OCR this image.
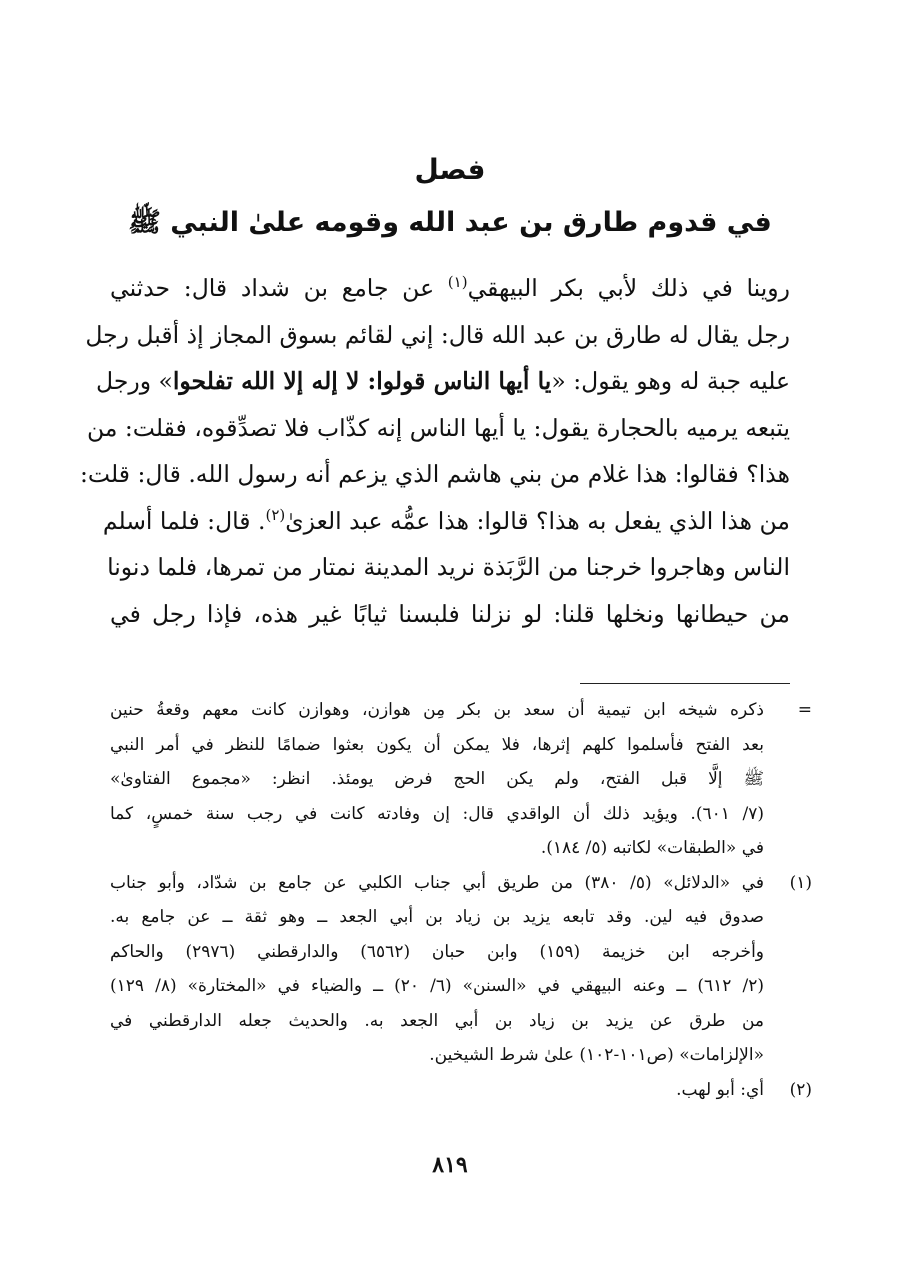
فصل
في قدوم طارق بن عبد الله وقومه علىٰ النبي ﷺ
روينا في ذلك لأبي بكر البيهقي$^{(١)}$ عن جامع بن شداد قال: حدثني
رجل يقال له طارق بن عبد الله قال: إني لقائم بسوق المجاز إذ أقبل رجل
عليه جبة له وهو يقول: «يا أيها الناس قولوا: لا إله إلا الله تفلحوا» ورجل
يتبعه يرميه بالحجارة يقول: يا أيها الناس إنه كذّاب فلا تصدِّقوه، فقلت: من
هذا؟ فقالوا: هذا غلام من بني هاشم الذي يزعم أنه رسول الله. قال: قلت:
من هذا الذي يفعل به هذا؟ قالوا: هذا عمُّه عبد العزىٰ$^{(٢)}$. قال: فلما أسلم
الناس وهاجروا خرجنا من الرَّبَذة نريد المدينة نمتار من تمرها، فلما دنونا
من حيطانها ونخلها قلنا: لو نزلنا فلبسنا ثيابًا غير هذه، فإذا رجل في
=
ذكره شيخه ابن تيمية أن سعد بن بكر مِن هوازن، وهوازن كانت معهم وقعةُ حنين
بعد الفتح فأسلموا كلهم إثرها، فلا يمكن أن يكون بعثوا ضمامًا للنظر في أمر النبي
ﷺ إلَّا قبل الفتح، ولم يكن الحج فرض يومئذ. انظر: «مجموع الفتاوىٰ»
(٧/ ٦٠١). ويؤيد ذلك أن الواقدي قال: إن وفادته كانت في رجب سنة خمسٍ، كما
في «الطبقات» لكاتبه (٥/ ١٨٤).
(١)
في «الدلائل» (٥/ ٣٨٠) من طريق أبي جناب الكلبي عن جامع بن شدّاد، وأبو جناب
صدوق فيه لين. وقد تابعه يزيد بن زياد بن أبي الجعد ــ وهو ثقة ــ عن جامع به.
وأخرجه ابن خزيمة (١٥٩) وابن حبان (٦٥٦٢) والدارقطني (٢٩٧٦) والحاكم
(٢/ ٦١٢) ــ وعنه البيهقي في «السنن» (٦/ ٢٠) ــ والضياء في «المختارة» (٨/ ١٢٩)
من طرق عن يزيد بن زياد بن أبي الجعد به. والحديث جعله الدارقطني في
«الإلزامات» (ص١٠١-١٠٢) علىٰ شرط الشيخين.
(٢)
أي: أبو لهب.
٨١٩
